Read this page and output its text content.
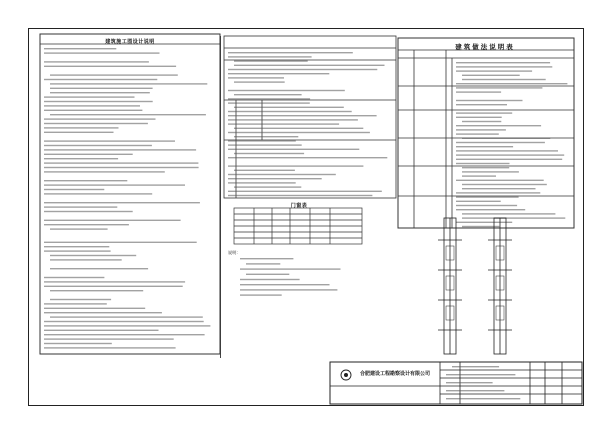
建筑施工图设计说明
门窗表
说明：
建筑做法说明表
合肥建设工程勘察设计有限公司
